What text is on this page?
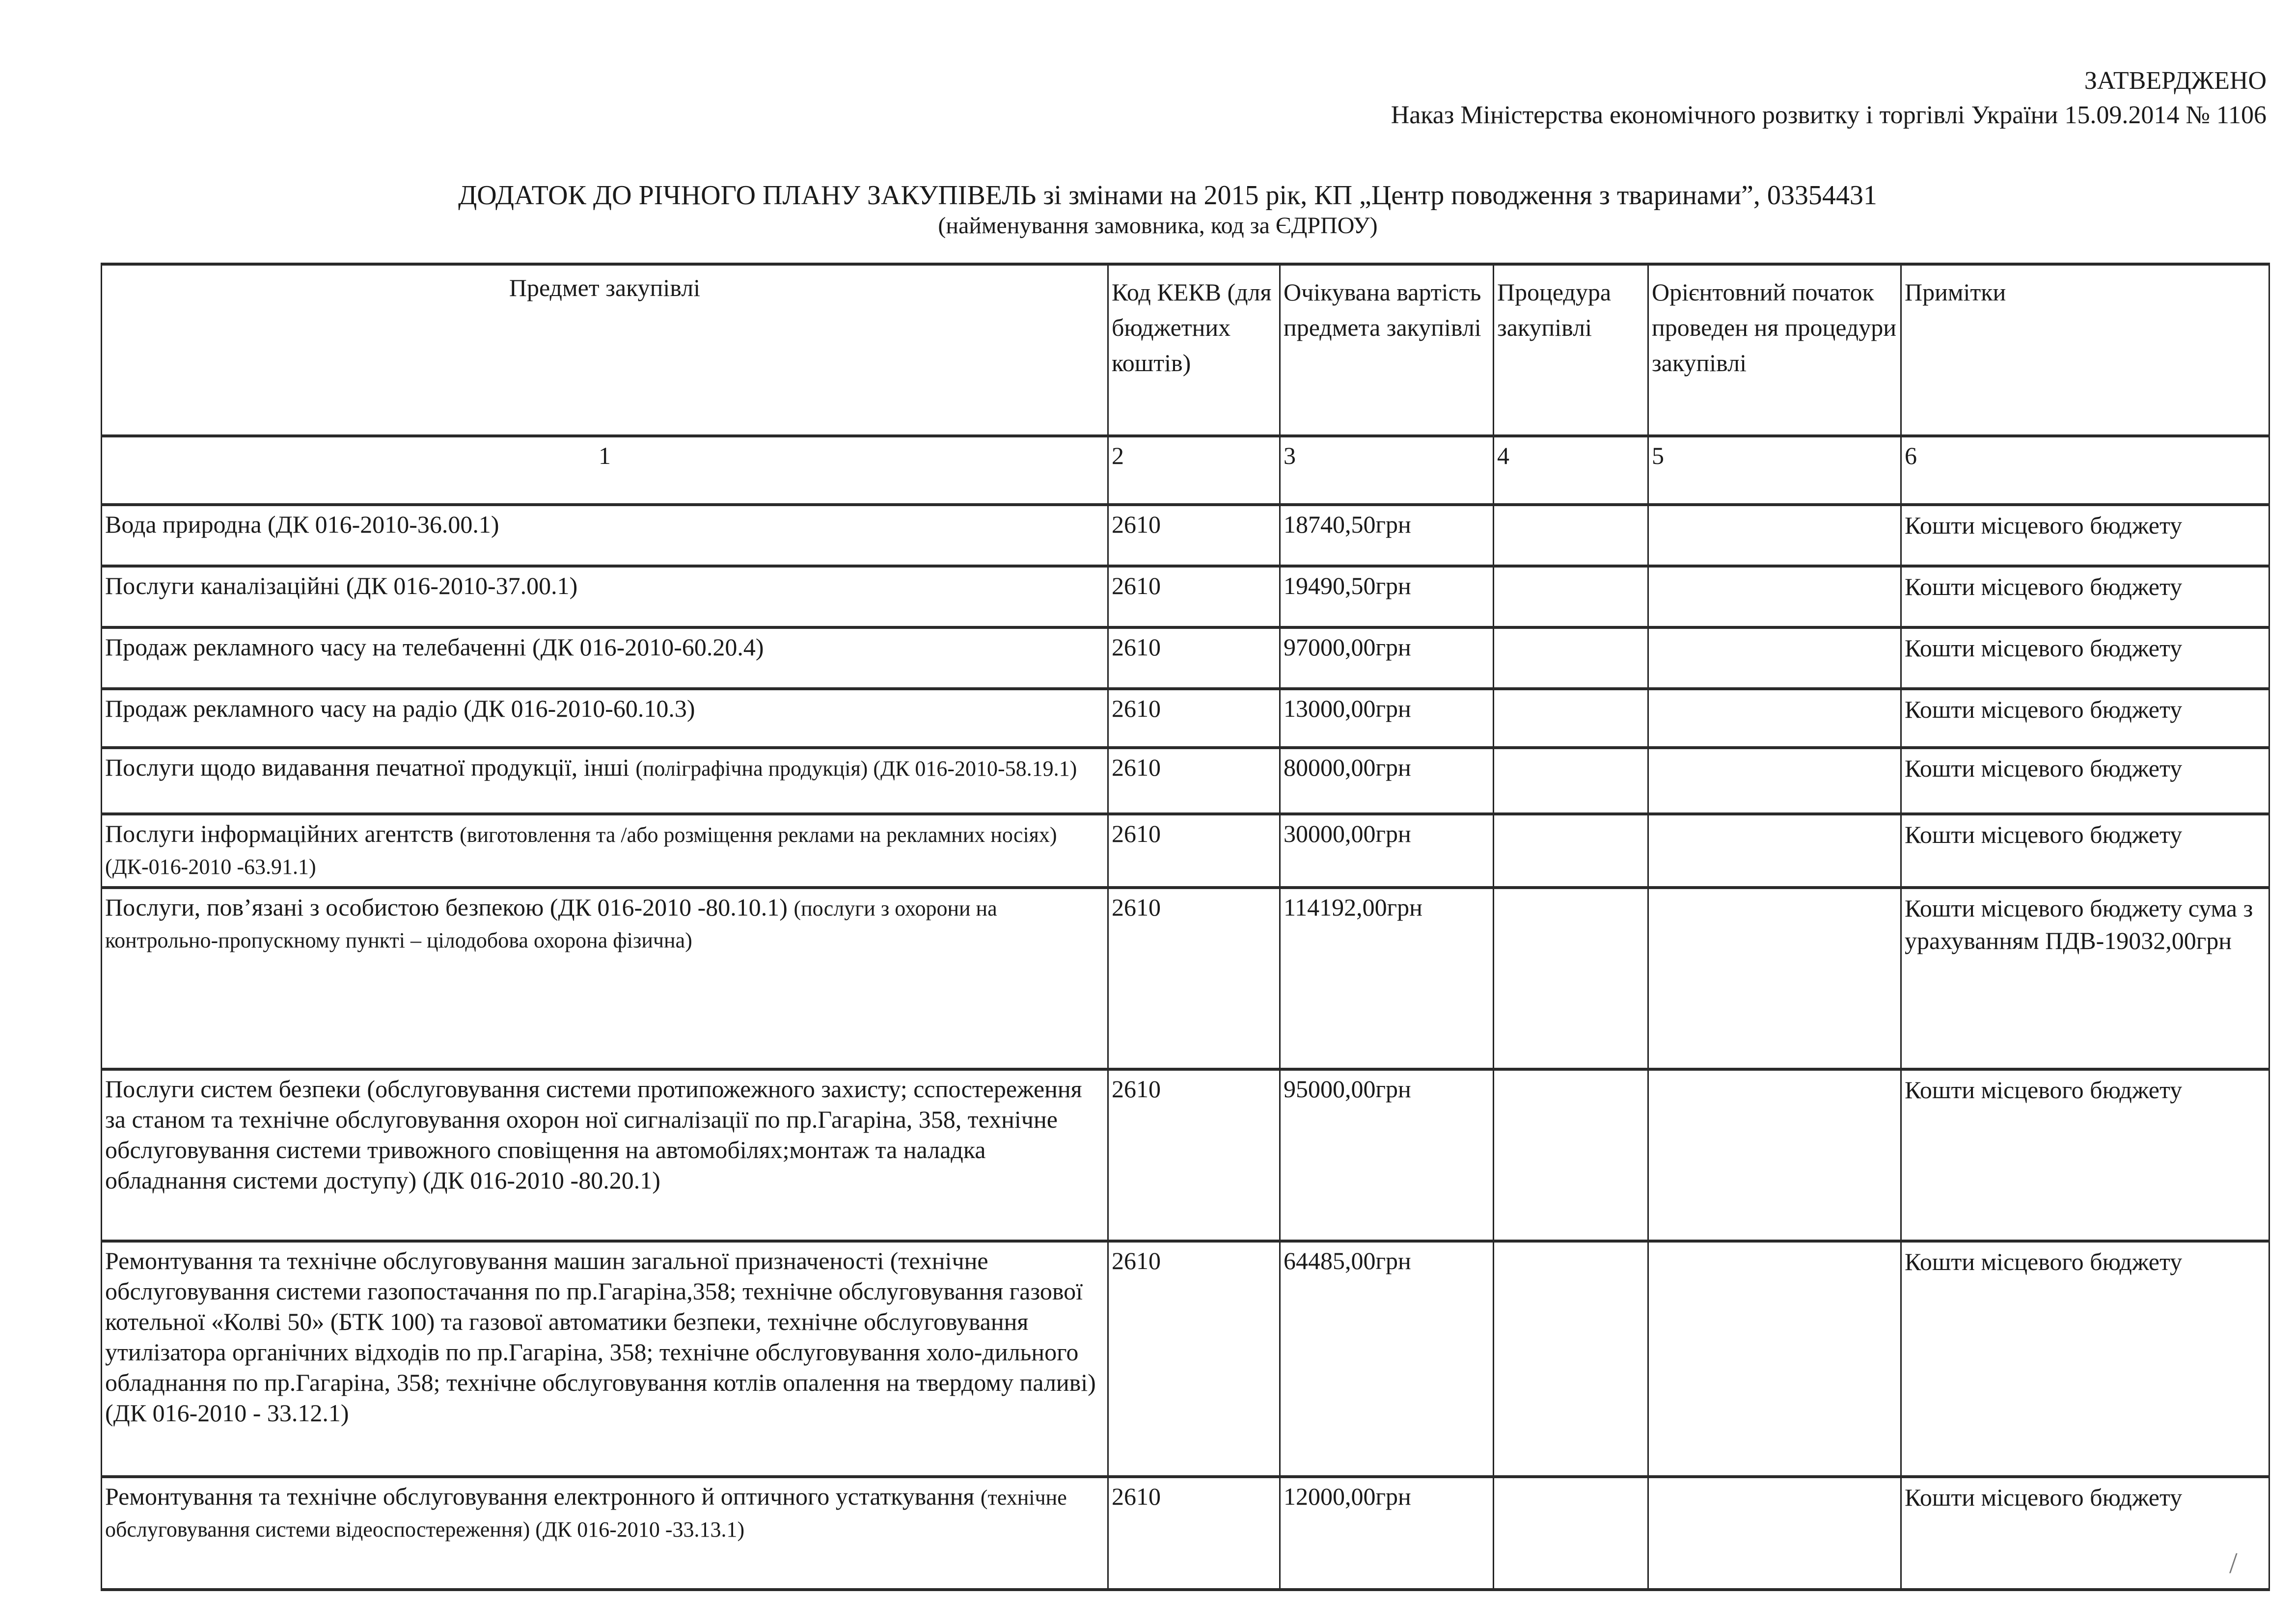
ЗАТВЕРДЖЕНО
Наказ Міністерства економічного розвитку і торгівлі України 15.09.2014 № 1106
ДОДАТОК ДО РІЧНОГО ПЛАНУ ЗАКУПІВЕЛЬ зі змінами на 2015 рік, КП „Центр поводження з тваринами”, 03354431
(найменування замовника, код за ЄДРПОУ)
Предмет закупівлі	Код КЕКВ (для бюджетних коштів)	Очікувана вартість предмета закупівлі	Процедура закупівлі	Орієнтовний початок проведен ня процедури закупівлі	Примітки
1	2	3	4	5	6
Вода природна (ДК 016-2010-36.00.1)	2610	18740,50грн			Кошти місцевого бюджету
Послуги каналізаційні (ДК 016-2010-37.00.1)	2610	19490,50грн			Кошти місцевого бюджету
Продаж рекламного часу на телебаченні (ДК 016-2010-60.20.4)	2610	97000,00грн			Кошти місцевого бюджету
Продаж рекламного часу на радіо (ДК 016-2010-60.10.3)	2610	13000,00грн			Кошти місцевого бюджету
Послуги щодо видавання печатної продукції, інші (поліграфічна продукція) (ДК 016-2010-58.19.1)	2610	80000,00грн			Кошти місцевого бюджету
Послуги інформаційних агентств (виготовлення та /або розміщення реклами на рекламних носіях) (ДК-016-2010 -63.91.1)	2610	30000,00грн			Кошти місцевого бюджету
Послуги, пов’язані з особистою безпекою (ДК 016-2010 -80.10.1) (послуги з охорони на контрольно-пропускному пункті – цілодобова охорона фізична)	2610	114192,00грн			Кошти місцевого бюджету сума з урахуванням ПДВ-19032,00грн
Послуги систем безпеки (обслуговування системи протипожежного захисту; сспостереження за станом та технічне обслуговування охорон ної сигналізації по пр.Гагаріна, 358, технічне обслуговування системи тривожного сповіщення на автомобілях;монтаж та наладка обладнання системи доступу) (ДК 016-2010 -80.20.1)	2610	95000,00грн			Кошти місцевого бюджету
Ремонтування та технічне обслуговування машин загальної призначеності (технічне обслуговування системи газопостачання по пр.Гагаріна,358; технічне обслуговування газової котельної «Колві 50» (БТК 100) та газової автоматики безпеки, технічне обслуговування утилізатора органічних відходів по пр.Гагаріна, 358; технічне обслуговування холо-дильного обладнання по пр.Гагаріна, 358; технічне обслуговування котлів опалення на твердому паливі) (ДК 016-2010 - 33.12.1)	2610	64485,00грн			Кошти місцевого бюджету
Ремонтування та технічне обслуговування електронного й оптичного устаткування (технічне обслуговування системи відеоспостереження) (ДК 016-2010 -33.13.1)	2610	12000,00грн			Кошти місцевого бюджету
/
